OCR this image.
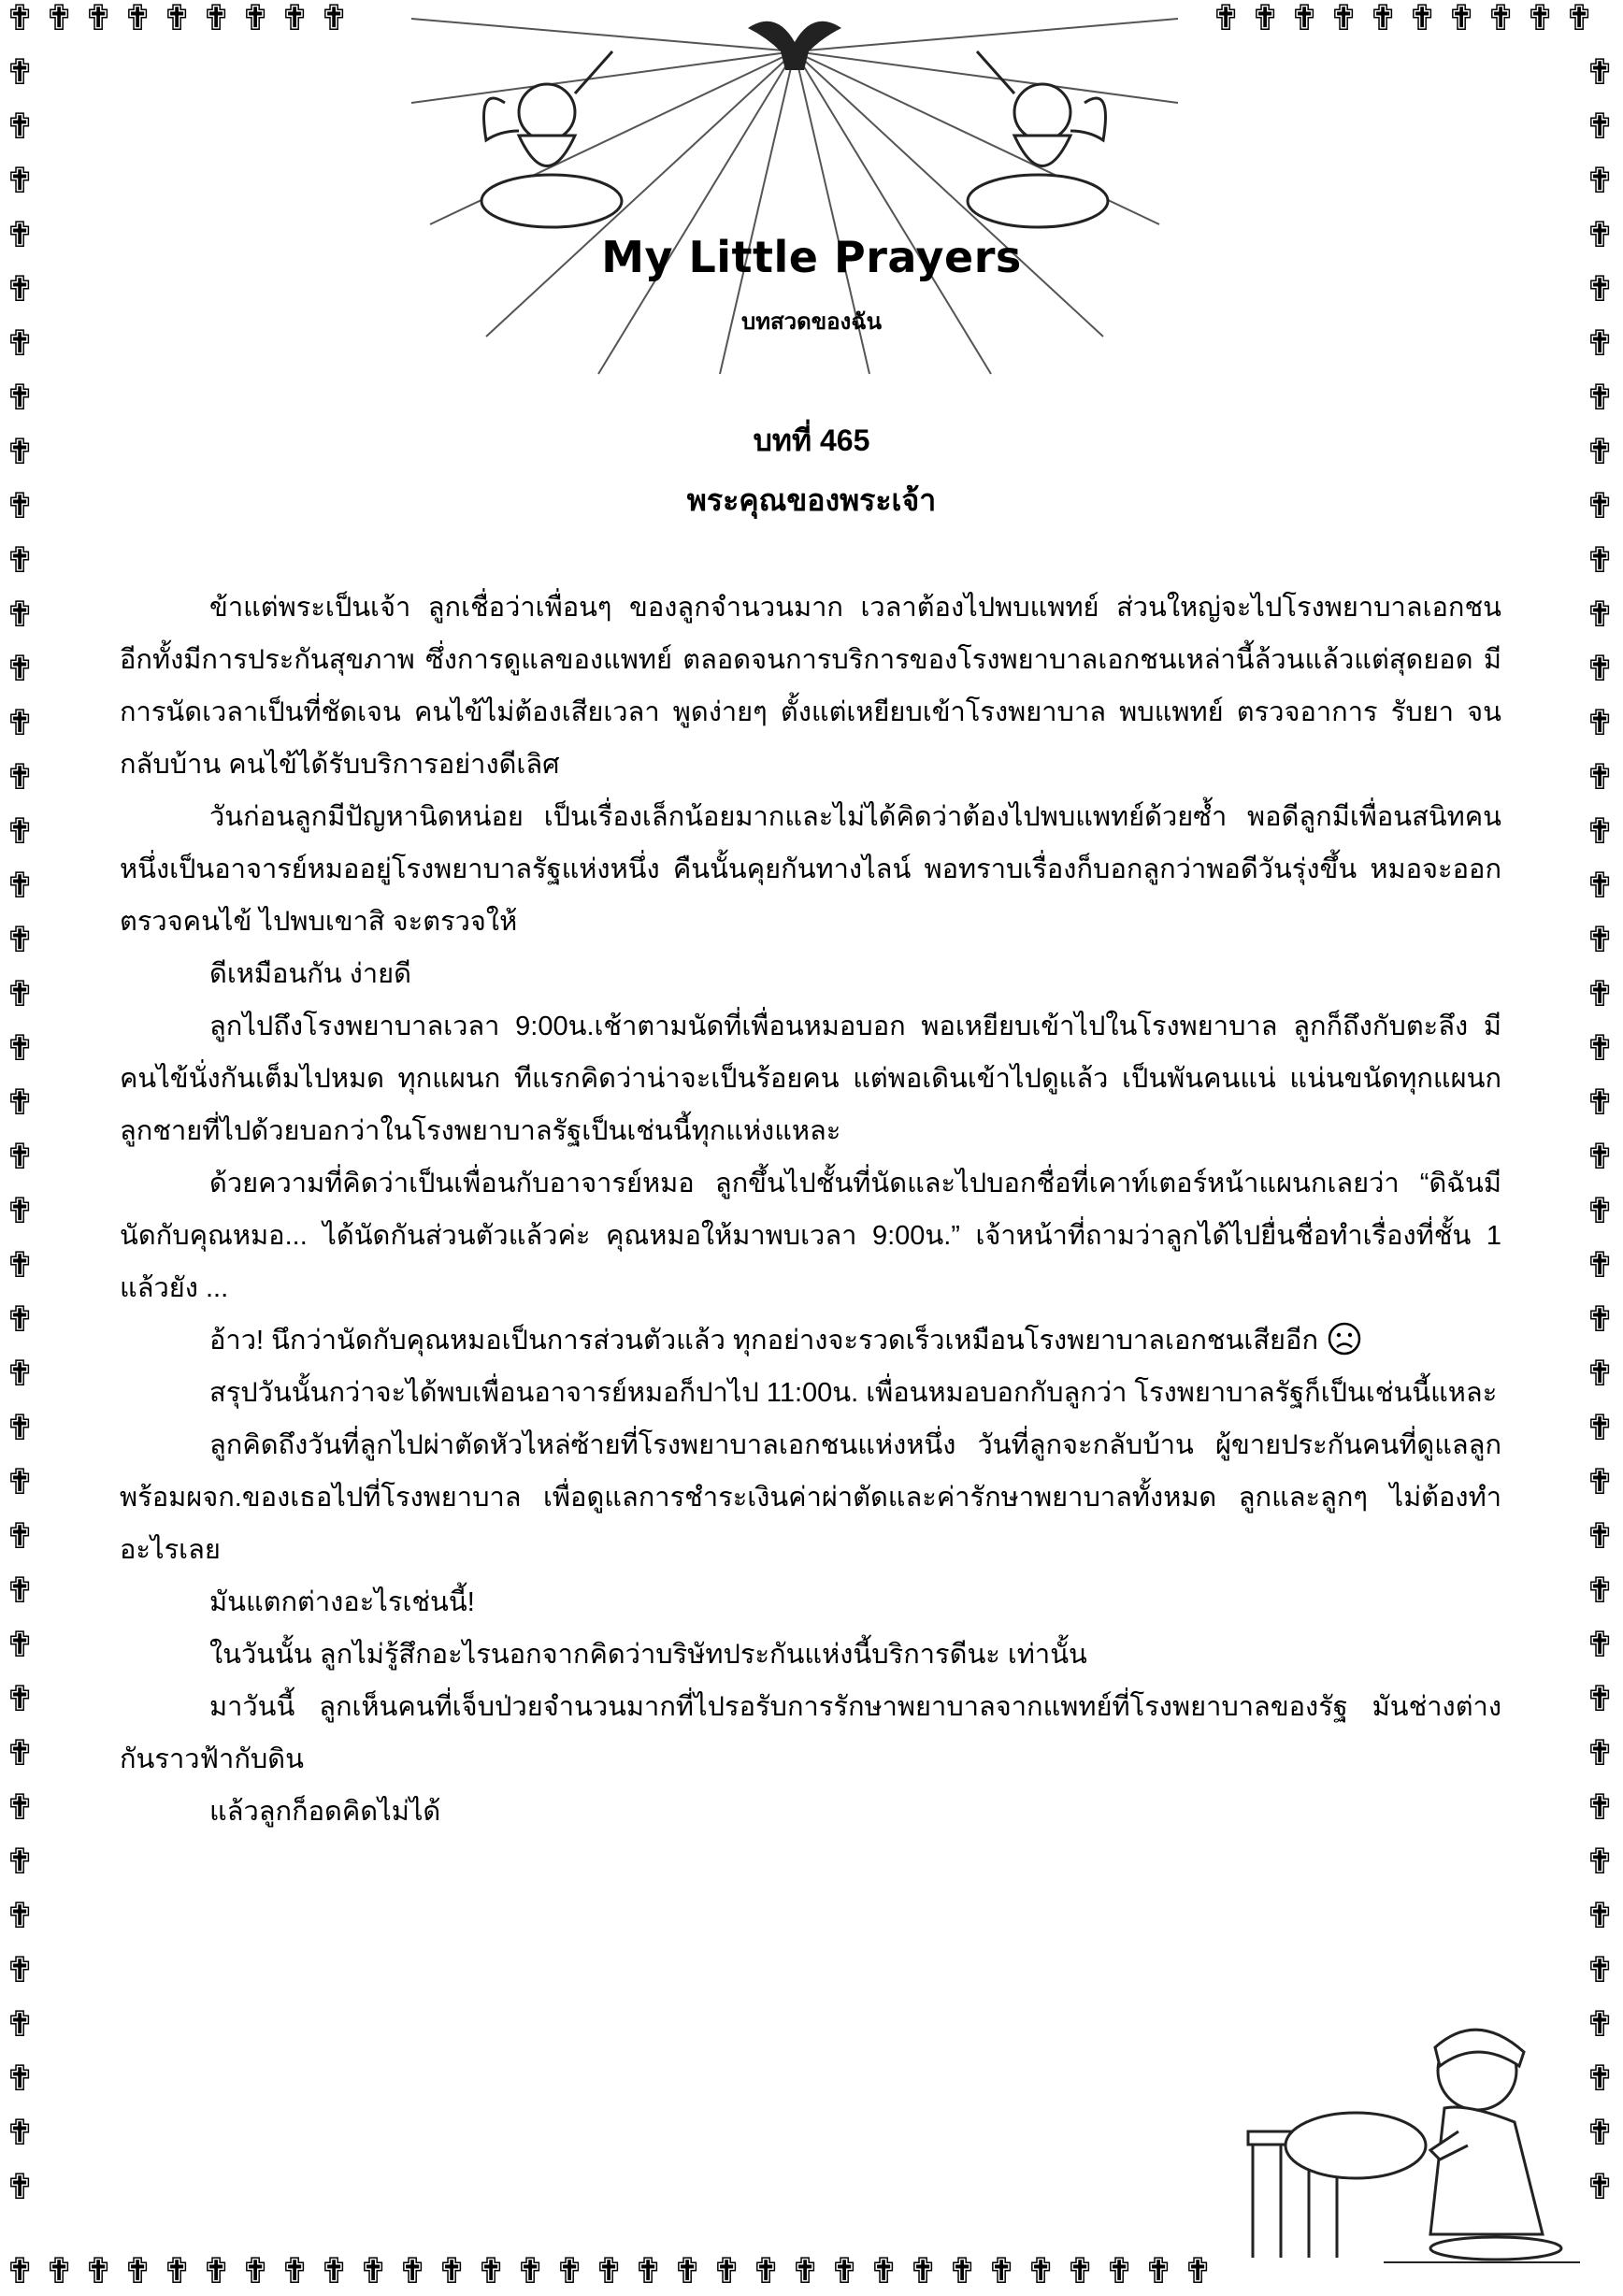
✟ ✟ ✟ ✟ ✟ ✟ ✟ ✟ ✟	✟ ✟ ✟ ✟ ✟ ✟ ✟ ✟ ✟ ✟
✟
✟
✟
✟
✟
✟
✟
✟
✟
✟
✟
✟
✟
✟
✟
✟
✟
✟
✟
✟
✟
✟
✟
✟
✟
✟
✟
✟
✟
✟
✟
✟
✟
✟
✟
✟
✟
✟
✟
✟
✟
✟
✟
✟
✟
✟
✟
✟
✟
✟
✟
✟
✟
✟
✟
✟
✟
✟
✟
✟
✟
✟
✟
✟
✟
✟
✟
✟
✟
✟
✟
✟
✟
✟
✟
✟
✟
✟
✟
✟
✟ ✟ ✟ ✟ ✟ ✟ ✟ ✟ ✟ ✟ ✟ ✟ ✟ ✟ ✟ ✟ ✟ ✟ ✟ ✟ ✟ ✟ ✟ ✟ ✟ ✟ ✟ ✟ ✟ ✟ ✟
My Little Prayers
บทสวดของฉัน
บทที่ 465
พระคุณของพระเจ้า

ข้าแต่พระเป็นเจ้า ลูกเชื่อว่าเพื่อนๆ ของลูกจำนวนมาก เวลาต้องไปพบแพทย์ ส่วนใหญ่จะไปโรงพยาบาลเอกชน อีกทั้งมีการประกันสุขภาพ ซึ่งการดูแลของแพทย์ ตลอดจนการบริการของโรงพยาบาลเอกชนเหล่านี้ล้วนแล้วแต่สุดยอด มีการนัดเวลาเป็นที่ชัดเจน คนไข้ไม่ต้องเสียเวลา พูดง่ายๆ ตั้งแต่เหยียบเข้าโรงพยาบาล พบแพทย์ ตรวจอาการ รับยา จนกลับบ้าน คนไข้ได้รับบริการอย่างดีเลิศ

วันก่อนลูกมีปัญหานิดหน่อย เป็นเรื่องเล็กน้อยมากและไม่ได้คิดว่าต้องไปพบแพทย์ด้วยซ้ำ พอดีลูกมีเพื่อนสนิทคนหนึ่งเป็นอาจารย์หมออยู่โรงพยาบาลรัฐแห่งหนึ่ง คืนนั้นคุยกันทางไลน์ พอทราบเรื่องก็บอกลูกว่าพอดีวันรุ่งขึ้น หมอจะออกตรวจคนไข้ ไปพบเขาสิ จะตรวจให้

ดีเหมือนกัน ง่ายดี

ลูกไปถึงโรงพยาบาลเวลา 9:00น.เช้าตามนัดที่เพื่อนหมอบอก พอเหยียบเข้าไปในโรงพยาบาล ลูกก็ถึงกับตะลึง มีคนไข้นั่งกันเต็มไปหมด ทุกแผนก ทีแรกคิดว่าน่าจะเป็นร้อยคน แต่พอเดินเข้าไปดูแล้ว เป็นพันคนแน่ แน่นขนัดทุกแผนก ลูกชายที่ไปด้วยบอกว่าในโรงพยาบาลรัฐเป็นเช่นนี้ทุกแห่งแหละ

ด้วยความที่คิดว่าเป็นเพื่อนกับอาจารย์หมอ ลูกขึ้นไปชั้นที่นัดและไปบอกชื่อที่เคาท์เตอร์หน้าแผนกเลยว่า “ดิฉันมีนัดกับคุณหมอ... ได้นัดกันส่วนตัวแล้วค่ะ คุณหมอให้มาพบเวลา 9:00น.” เจ้าหน้าที่ถามว่าลูกได้ไปยื่นชื่อทำเรื่องที่ชั้น 1 แล้วยัง ...

อ้าว! นึกว่านัดกับคุณหมอเป็นการส่วนตัวแล้ว ทุกอย่างจะรวดเร็วเหมือนโรงพยาบาลเอกชนเสียอีก

สรุปวันนั้นกว่าจะได้พบเพื่อนอาจารย์หมอก็ปาไป 11:00น. เพื่อนหมอบอกกับลูกว่า โรงพยาบาลรัฐก็เป็นเช่นนี้แหละ

ลูกคิดถึงวันที่ลูกไปผ่าตัดหัวไหล่ซ้ายที่โรงพยาบาลเอกชนแห่งหนึ่ง วันที่ลูกจะกลับบ้าน ผู้ขายประกันคนที่ดูแลลูกพร้อมผจก.ของเธอไปที่โรงพยาบาล เพื่อดูแลการชำระเงินค่าผ่าตัดและค่ารักษาพยาบาลทั้งหมด ลูกและลูกๆ ไม่ต้องทำอะไรเลย

มันแตกต่างอะไรเช่นนี้!

ในวันนั้น ลูกไม่รู้สึกอะไรนอกจากคิดว่าบริษัทประกันแห่งนี้บริการดีนะ เท่านั้น

มาวันนี้ ลูกเห็นคนที่เจ็บป่วยจำนวนมากที่ไปรอรับการรักษาพยาบาลจากแพทย์ที่โรงพยาบาลของรัฐ มันช่างต่างกันราวฟ้ากับดิน

แล้วลูกก็อดคิดไม่ได้
